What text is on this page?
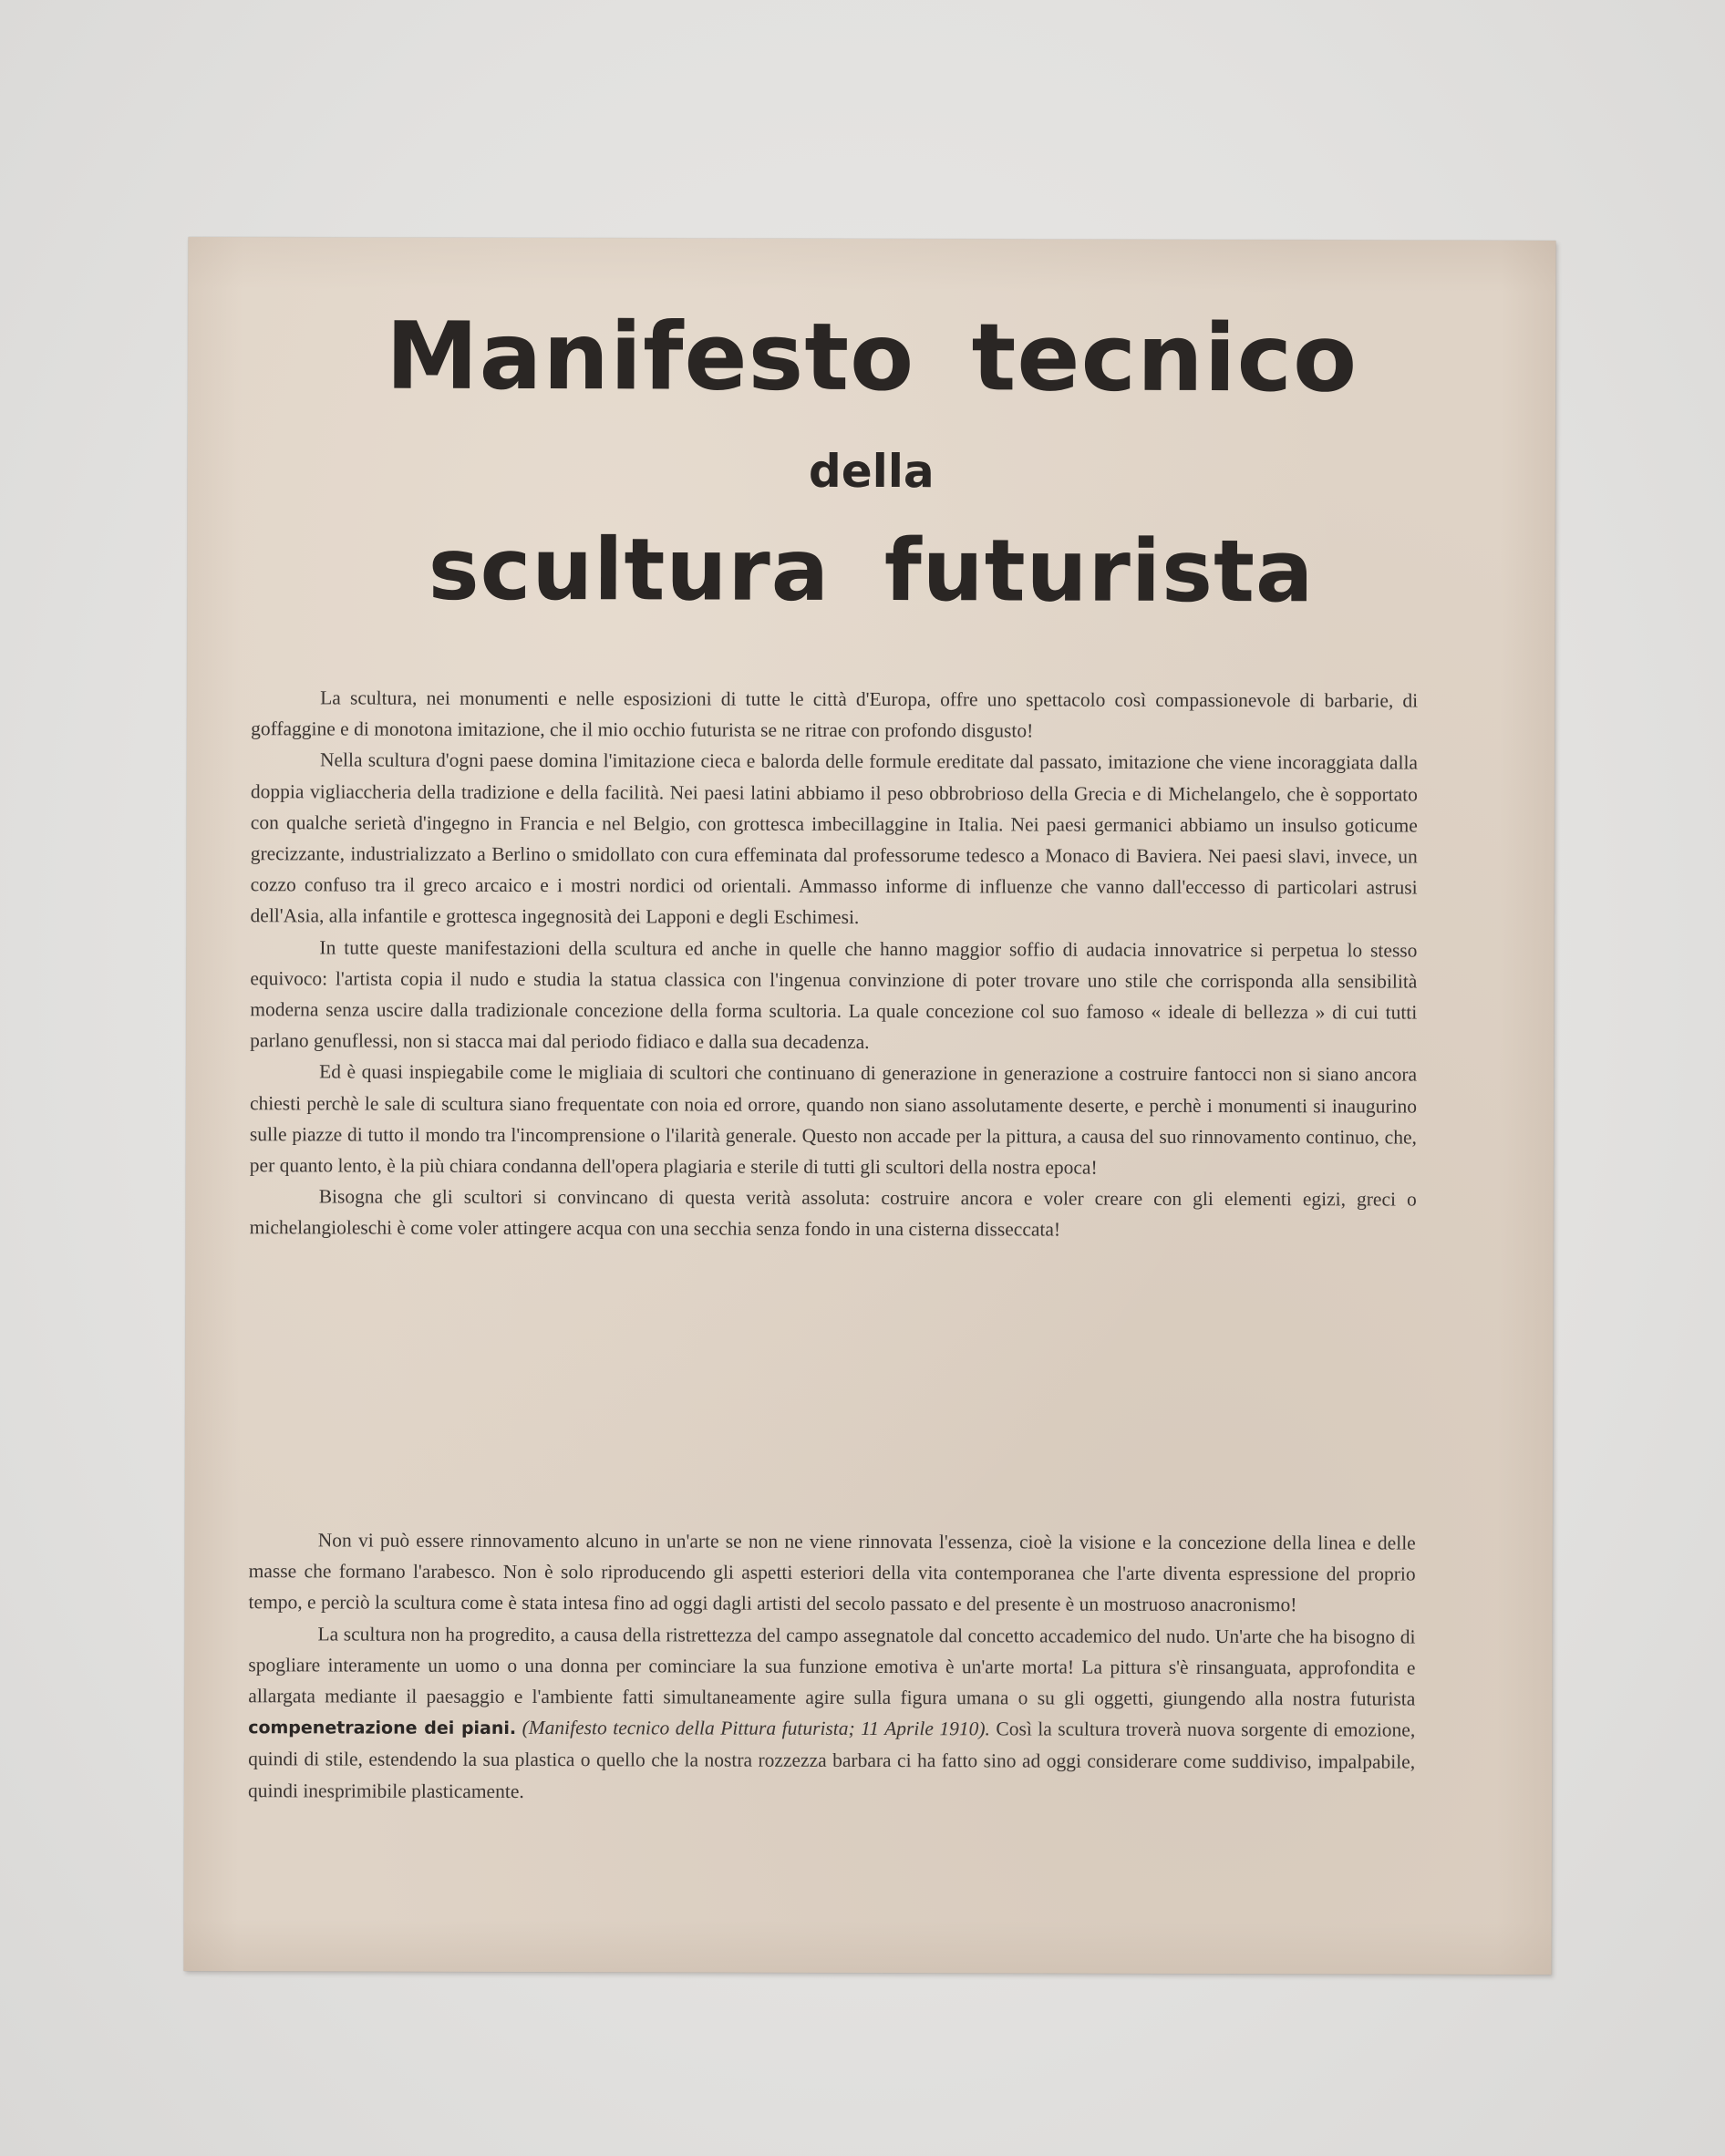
Manifesto tecnico
della
scultura futurista

La scultura, nei monumenti e nelle esposizioni di tutte le città d'Europa, offre uno spettacolo così compassionevole di barbarie, di goffaggine e di monotona imitazione, che il mio occhio futurista se ne ritrae con profondo disgusto!

Nella scultura d'ogni paese domina l'imitazione cieca e balorda delle formule ereditate dal passato, imitazione che viene incoraggiata dalla doppia vigliaccheria della tradizione e della facilità. Nei paesi latini abbiamo il peso obbrobrioso della Grecia e di Michelangelo, che è sopportato con qualche serietà d'ingegno in Francia e nel Belgio, con grottesca imbecillaggine in Italia. Nei paesi germanici abbiamo un insulso goticume grecizzante, industrializzato a Berlino o smidollato con cura effeminata dal professorume tedesco a Monaco di Baviera. Nei paesi slavi, invece, un cozzo confuso tra il greco arcaico e i mostri nordici od orientali. Ammasso informe di influenze che vanno dall'eccesso di particolari astrusi dell'Asia, alla infantile e grottesca ingegnosità dei Lapponi e degli Eschimesi.

In tutte queste manifestazioni della scultura ed anche in quelle che hanno maggior soffio di audacia innovatrice si perpetua lo stesso equivoco: l'artista copia il nudo e studia la statua classica con l'ingenua convinzione di poter trovare uno stile che corrisponda alla sensibilità moderna senza uscire dalla tradizionale concezione della forma scultoria. La quale concezione col suo famoso « ideale di bellezza » di cui tutti parlano genuflessi, non si stacca mai dal periodo fidiaco e dalla sua decadenza.

Ed è quasi inspiegabile come le migliaia di scultori che continuano di generazione in generazione a costruire fantocci non si siano ancora chiesti perchè le sale di scultura siano frequentate con noia ed orrore, quando non siano assolutamente deserte, e perchè i monumenti si inaugurino sulle piazze di tutto il mondo tra l'incomprensione o l'ilarità generale. Questo non accade per la pittura, a causa del suo rinnovamento continuo, che, per quanto lento, è la più chiara condanna dell'opera plagiaria e sterile di tutti gli scultori della nostra epoca!

Bisogna che gli scultori si convincano di questa verità assoluta: costruire ancora e voler creare con gli elementi egizi, greci o michelangioleschi è come voler attingere acqua con una secchia senza fondo in una cisterna disseccata!

Non vi può essere rinnovamento alcuno in un'arte se non ne viene rinnovata l'essenza, cioè la visione e la concezione della linea e delle masse che formano l'arabesco. Non è solo riproducendo gli aspetti esteriori della vita contemporanea che l'arte diventa espressione del proprio tempo, e perciò la scultura come è stata intesa fino ad oggi dagli artisti del secolo passato e del presente è un mostruoso anacronismo!

La scultura non ha progredito, a causa della ristrettezza del campo assegnatole dal concetto accademico del nudo. Un'arte che ha bisogno di spogliare interamente un uomo o una donna per cominciare la sua funzione emotiva è un'arte morta! La pittura s'è rinsanguata, approfondita e allargata mediante il paesaggio e l'ambiente fatti simultaneamente agire sulla figura umana o su gli oggetti, giungendo alla nostra futurista compenetrazione dei piani. (Manifesto tecnico della Pittura futurista; 11 Aprile 1910). Così la scultura troverà nuova sorgente di emozione, quindi di stile, estendendo la sua plastica o quello che la nostra rozzezza barbara ci ha fatto sino ad oggi considerare come suddiviso, impalpabile, quindi inesprimibile plasticamente.
